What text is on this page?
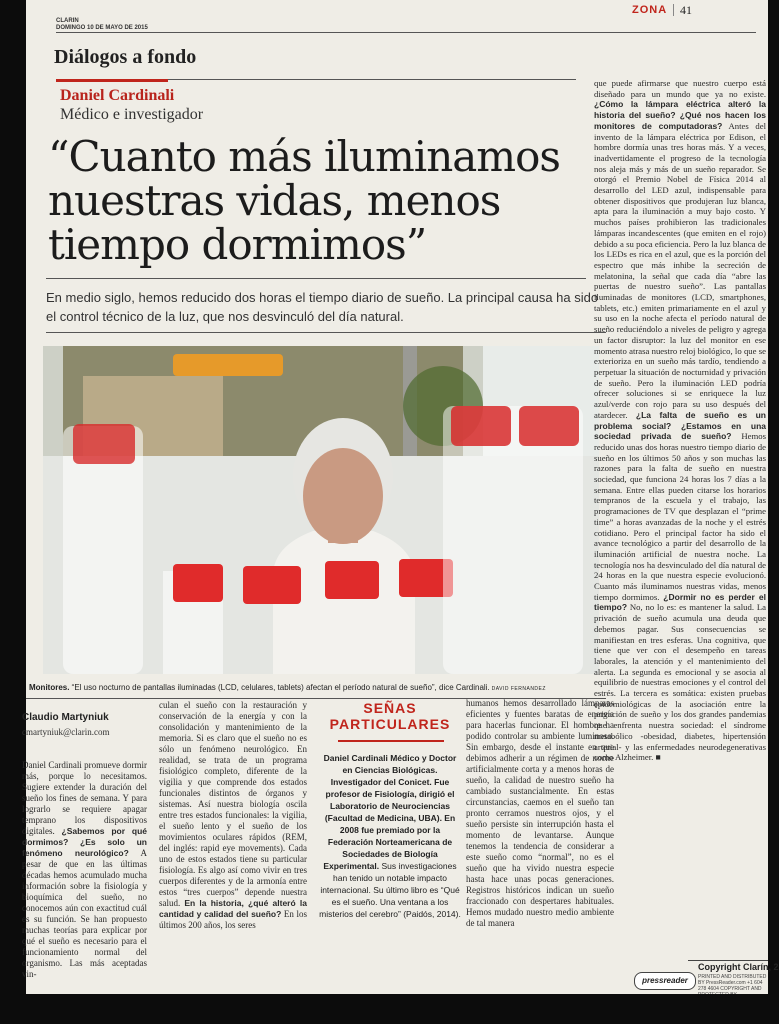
CLARIN
DOMINGO 10 DE MAYO DE 2015
ZONA 41
Diálogos a fondo
Daniel Cardinali
Médico e investigador
“Cuanto más iluminamos
nuestras vidas, menos
tiempo dormimos”
En medio siglo, hemos reducido dos horas el tiempo diario de sueño. La principal causa ha sido el control técnico de la luz, que nos desvinculó del día natural.
Monitores. “El uso nocturno de pantallas iluminadas (LCD, celulares, tablets) afectan el período natural de sueño”, dice Cardinali. DAVID FERNANDEZ
Claudio Martyniuk
cmartyniuk@clarin.com

Daniel Cardinali promueve dormir más, porque lo necesitamos. Sugiere extender la duración del sueño los fines de semana. Y para lograrlo se requiere apagar temprano los dispositivos digitales. ¿Sabemos por qué dormimos? ¿Es solo un fenómeno neurológico? A pesar de que en las últimas décadas hemos acumulado mucha información sobre la fisiología y bioquímica del sueño, no conocemos aún con exactitud cuál es su función. Se han propuesto muchas teorías para explicar por qué el sueño es necesario para el funcionamiento normal del organismo. Las más aceptadas vin-

culan el sueño con la restauración y conservación de la energía y con la consolidación y mantenimiento de la memoria. Si es claro que el sueño no es sólo un fenómeno neurológico. En realidad, se trata de un programa fisiológico completo, diferente de la vigilia y que comprende dos estados funcionales distintos de órganos y sistemas. Así nuestra biología oscila entre tres estados funcionales: la vigilia, el sueño lento y el sueño de los movimientos oculares rápidos (REM, del inglés: rapid eye movements). Cada uno de estos estados tiene su particular fisiología. Es algo así como vivir en tres cuerpos diferentes y de la armonía entre estos “tres cuerpos” depende nuestra salud. En la historia, ¿qué alteró la cantidad y calidad del sueño? En los últimos 200 años, los seres

SEÑAS PARTICULARES
Daniel Cardinali Médico y Doctor en Ciencias Biológicas. Investigador del Conicet. Fue profesor de Fisiología, dirigió el Laboratorio de Neurociencias (Facultad de Medicina, UBA). En 2008 fue premiado por la Federación Norteamericana de Sociedades de Biología Experimental. Sus investigaciones han tenido un notable impacto internacional. Su último libro es “Qué es el sueño. Una ventana a los misterios del cerebro” (Paidós, 2014).

humanos hemos desarrollado lámparas eficientes y fuentes baratas de energía para hacerlas funcionar. El hombre ha podido controlar su ambiente luminoso. Sin embargo, desde el instante en que debimos adherir a un régimen de noche artificialmente corta y a menos horas de sueño, la calidad de nuestro sueño ha cambiado sustancialmente. En estas circunstancias, caemos en el sueño tan pronto cerramos nuestros ojos, y el sueño persiste sin interrupción hasta el momento de levantarse. Aunque tenemos la tendencia de considerar a este sueño como “normal”, no es el sueño que ha vivido nuestra especie hasta hace unas pocas generaciones. Registros históricos indican un sueño fraccionado con despertares habituales. Hemos mudado nuestro medio ambiente de tal manera

que puede afirmarse que nuestro cuerpo está diseñado para un mundo que ya no existe. ¿Cómo la lámpara eléctrica alteró la historia del sueño? ¿Qué nos hacen los monitores de computadoras? Antes del invento de la lámpara eléctrica por Edison, el hombre dormía unas tres horas más. Y a veces, inadvertidamente el progreso de la tecnología nos aleja más y más de un sueño reparador. Se otorgó el Premio Nobel de Física 2014 al desarrollo del LED azul, indispensable para obtener dispositivos que produjeran luz blanca, apta para la iluminación a muy bajo costo. Y muchos países prohibieron las tradicionales lámparas incandescentes (que emiten en el rojo) debido a su poca eficiencia. Pero la luz blanca de los LEDs es rica en el azul, que es la porción del espectro que más inhibe la secreción de melatonina, la señal que cada día “abre las puertas de nuestro sueño”. Las pantallas iluminadas de monitores (LCD, smartphones, tablets, etc.) emiten primariamente en el azul y su uso en la noche afecta el período natural de sueño reduciéndolo a niveles de peligro y agrega un factor disruptor: la luz del monitor en ese momento atrasa nuestro reloj biológico, lo que se exterioriza en un sueño más tardío, tendiendo a perpetuar la situación de nocturnidad y privación de sueño. Pero la iluminación LED podría ofrecer soluciones si se enriquece la luz azul/verde con rojo para su uso después del atardecer. ¿La falta de sueño es un problema social? ¿Estamos en una sociedad privada de sueño? Hemos reducido unas dos horas nuestro tiempo diario de sueño en los últimos 50 años y son muchas las razones para la falta de sueño en nuestra sociedad, que funciona 24 horas los 7 días a la semana. Entre ellas pueden citarse los horarios tempranos de la escuela y el trabajo, las programaciones de TV que desplazan el “prime time” a horas avanzadas de la noche y el estrés cotidiano. Pero el principal factor ha sido el avance tecnológico a partir del desarrollo de la iluminación artificial de nuestra noche. La tecnología nos ha desvinculado del día natural de 24 horas en la que nuestra especie evolucionó. Cuanto más iluminamos nuestras vidas, menos tiempo dormimos. ¿Dormir no es perder el tiempo? No, no lo es: es mantener la salud. La privación de sueño acumula una deuda que debemos pagar. Sus consecuencias se manifiestan en tres esferas. Una cognitiva, que tiene que ver con el desempeño en tareas laborales, la atención y el mantenimiento del alerta. La segunda es emocional y se asocia al equilibrio de nuestras emociones y el control del estrés. La tercera es somática: existen pruebas epidemiológicas de la asociación entre la privación de sueño y los dos grandes pandemias que enfrenta nuestra sociedad: el síndrome metabólico -obesidad, diabetes, hipertensión arterial- y las enfermedades neurodegenerativas como Alzheimer. ■

pressreader
Copyright Clarín, 2
PRINTED AND DISTRIBUTED BY PressReader.com +1 604 278 4604 COPYRIGHT AND
